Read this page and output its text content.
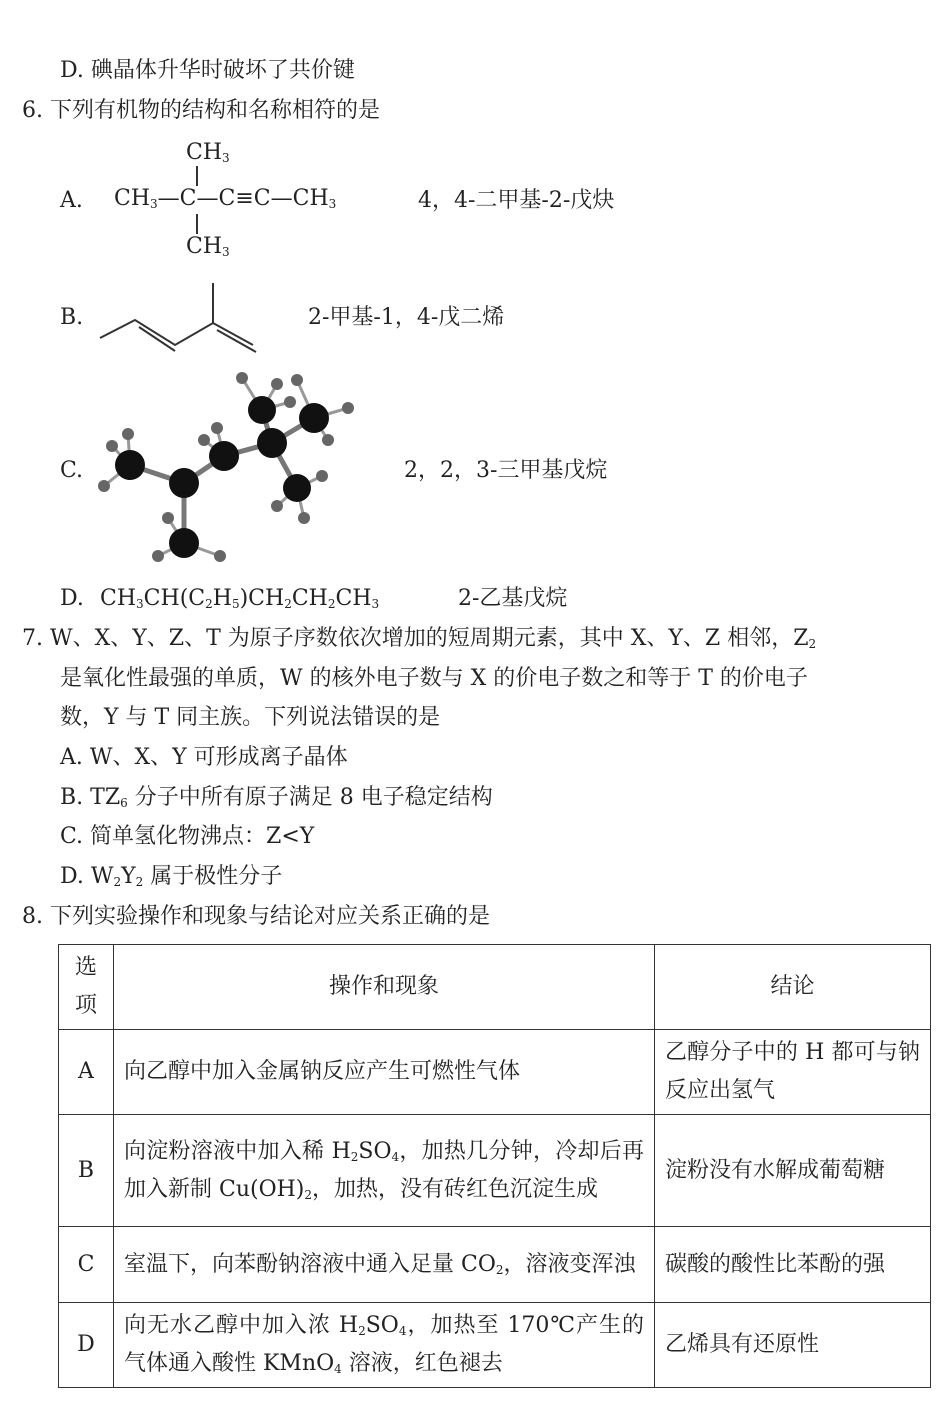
D. 碘晶体升华时破坏了共价键
6. 下列有机物的结构和名称相符的是
A.
$CH_3$
$CH_3—C—C\equiv C—CH_3$
$CH_3$
4，4-二甲基-2-戊炔
B.	2-甲基-1，4-戊二烯
C.	2，2，3-三甲基戊烷
D. $CH_3CH(C_2H_5)CH_2CH_2CH_3$	2-乙基戊烷
7. W、X、Y、Z、T 为原子序数依次增加的短周期元素，其中 X、Y、Z 相邻，$Z_2$
是氧化性最强的单质，W 的核外电子数与 X 的价电子数之和等于 T 的价电子
数，Y 与 T 同主族。下列说法错误的是
A. W、X、Y 可形成离子晶体
B. $TZ_6$ 分子中所有原子满足 8 电子稳定结构
C. 简单氢化物沸点：Z<Y
D. $W_2Y_2$ 属于极性分子
8. 下列实验操作和现象与结论对应关系正确的是
选项	操作和现象	结论
A	向乙醇中加入金属钠反应产生可燃性气体	乙醇分子中的 H 都可与钠反应出氢气
B	向淀粉溶液中加入稀 $H_2SO_4$，加热几分钟，冷却后再加入新制 $Cu(OH)_2$，加热，没有砖红色沉淀生成	淀粉没有水解成葡萄糖
C	室温下，向苯酚钠溶液中通入足量 $CO_2$，溶液变浑浊	碳酸的酸性比苯酚的强
D	向无水乙醇中加入浓 $H_2SO_4$，加热至 170℃产生的气体通入酸性 KMnO$_4$ 溶液，红色褪去	乙烯具有还原性
